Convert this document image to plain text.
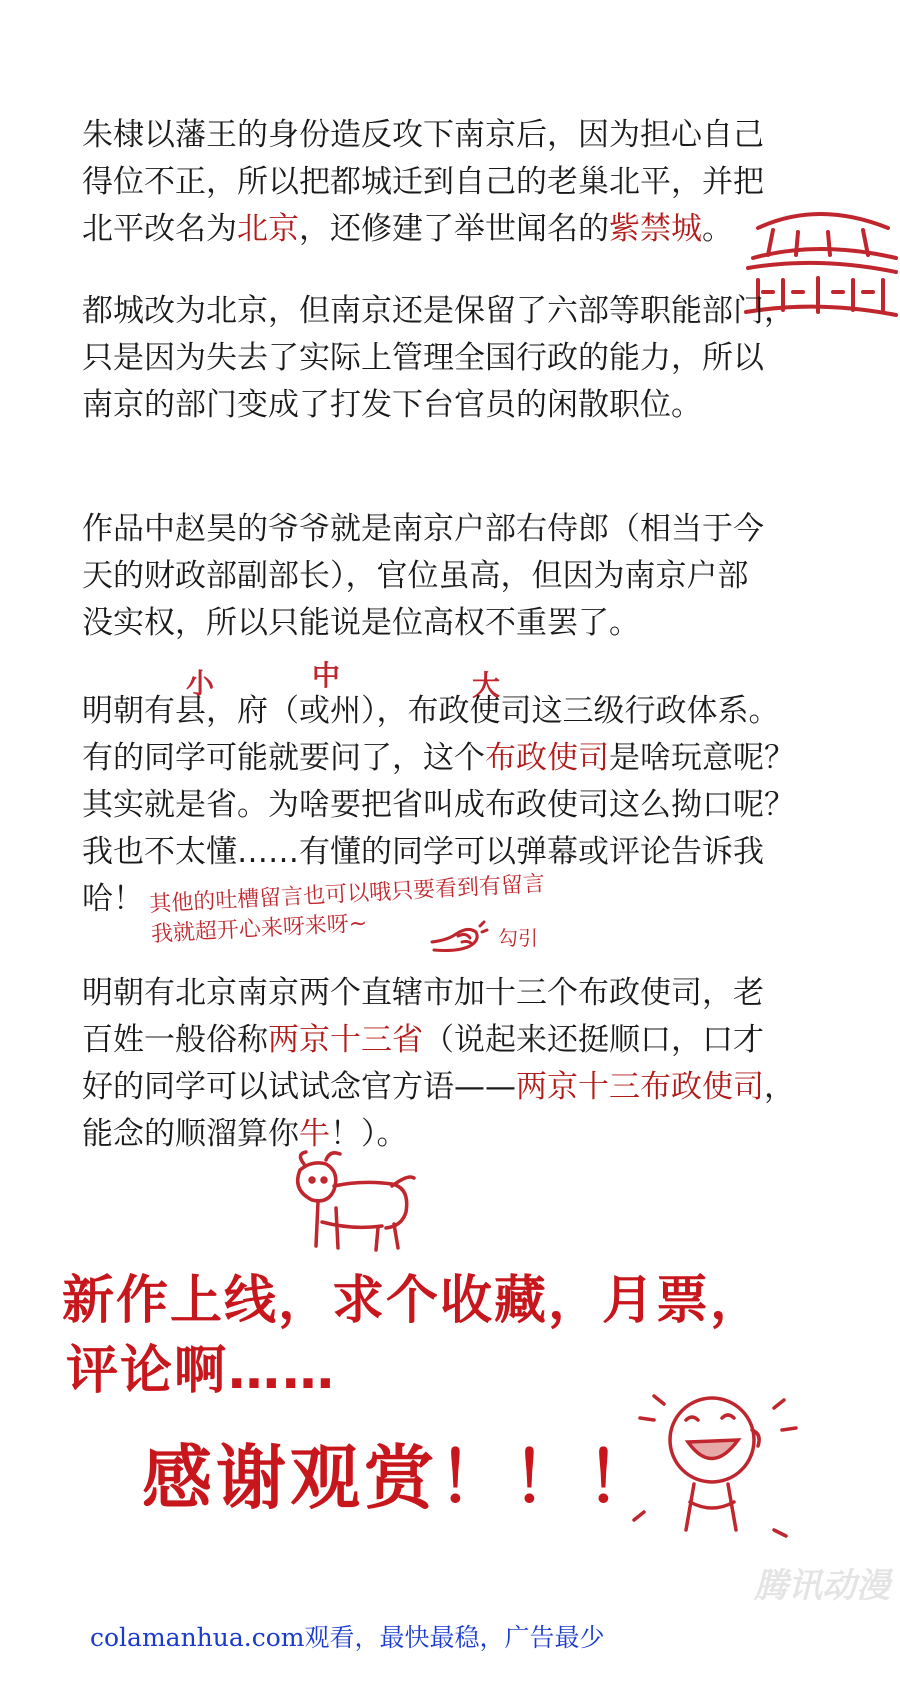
朱棣以藩王的身份造反攻下南京后，因为担心自己

得位不正，所以把都城迁到自己的老巢北平，并把

北平改名为北京，还修建了举世闻名的紫禁城。

都城改为北京，但南京还是保留了六部等职能部门，

只是因为失去了实际上管理全国行政的能力，所以

南京的部门变成了打发下台官员的闲散职位。

作品中赵昊的爷爷就是南京户部右侍郎（相当于今

天的财政部副部长），官位虽高，但因为南京户部

没实权，所以只能说是位高权不重罢了。

小	中	大

明朝有县，府（或州），布政使司这三级行政体系。

有的同学可能就要问了，这个布政使司是啥玩意呢？

其实就是省。为啥要把省叫成布政使司这么拗口呢？

我也不太懂……有懂的同学可以弹幕或评论告诉我

哈！ 其他的吐槽留言也可以哦只要看到有留言
我就超开心来呀来呀~	勾引

明朝有北京南京两个直辖市加十三个布政使司，老

百姓一般俗称两京十三省（说起来还挺顺口，口才

好的同学可以试试念官方语——两京十三布政使司，

能念的顺溜算你牛！）。

新作上线，求个收藏，月票，
评论啊……
感谢观赏！！！
腾讯动漫
colamanhua.com观看，最快最稳，广告最少
